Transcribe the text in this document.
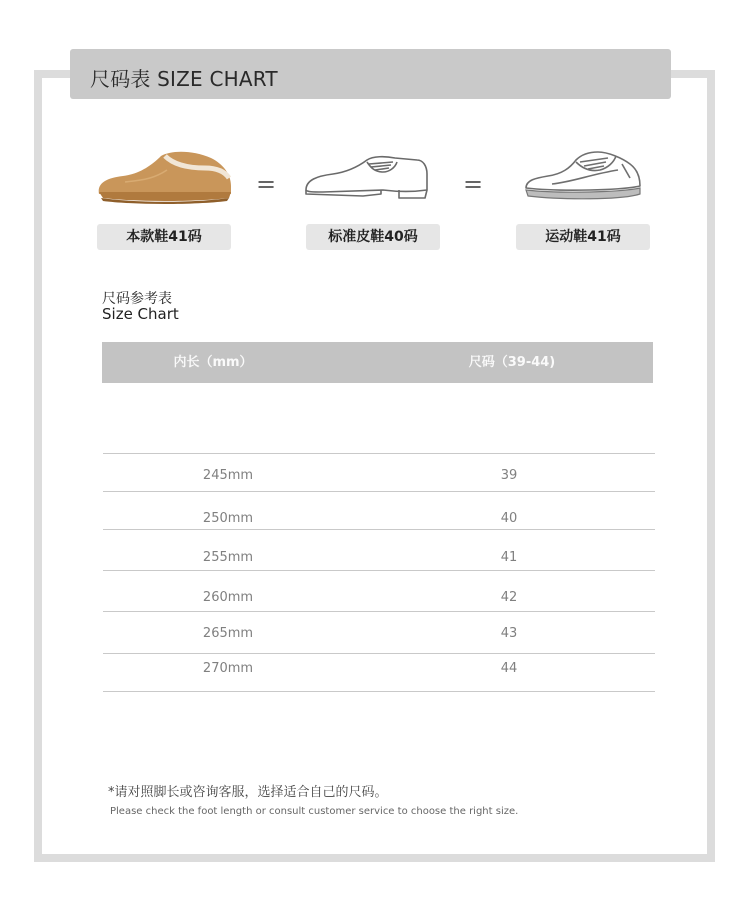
尺码表 SIZE CHART
本款鞋41码
=
标准皮鞋40码
=
运动鞋41码
尺码参考表
Size Chart
内长（mm）	尺码（39-44)
245mm	39
250mm	40
255mm	41
260mm	42
265mm	43
270mm	44
*请对照脚长或咨询客服，选择适合自己的尺码。
Please check the foot length or consult customer service to choose the right size.
